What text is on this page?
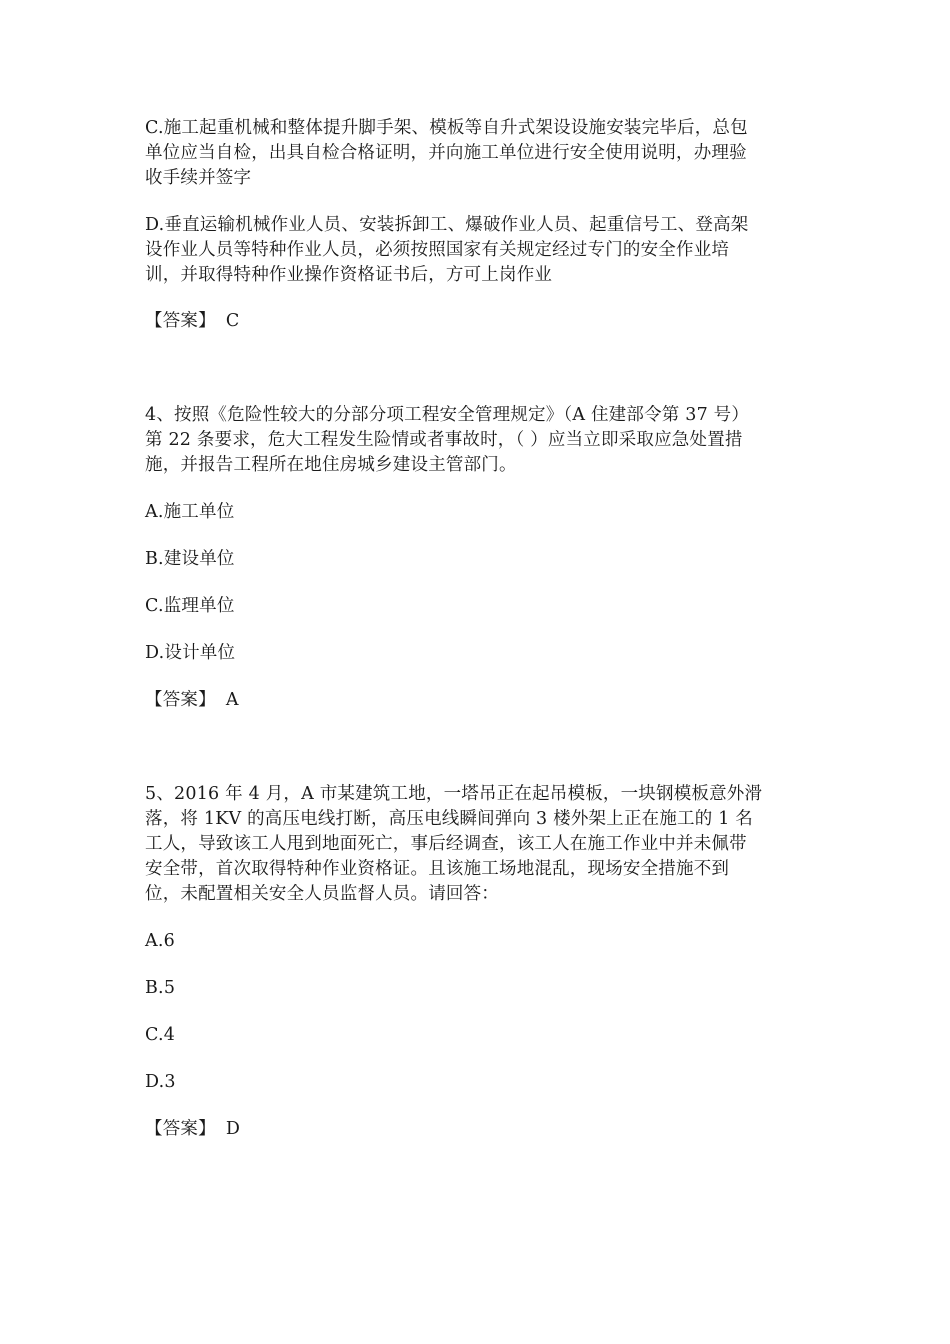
C.施工起重机械和整体提升脚手架、模板等自升式架设设施安装完毕后，总包
单位应当自检，出具自检合格证明，并向施工单位进行安全使用说明，办理验
收手续并签字
D.垂直运输机械作业人员、安装拆卸工、爆破作业人员、起重信号工、登高架
设作业人员等特种作业人员，必须按照国家有关规定经过专门的安全作业培
训，并取得特种作业操作资格证书后，方可上岗作业
【答案】 C
4、按照《危险性较大的分部分项工程安全管理规定》（A 住建部令第 37 号）
第 22 条要求，危大工程发生险情或者事故时，（ ）应当立即采取应急处置措
施，并报告工程所在地住房城乡建设主管部门。
A.施工单位
B.建设单位
C.监理单位
D.设计单位
【答案】 A
5、2016 年 4 月，A 市某建筑工地，一塔吊正在起吊模板，一块钢模板意外滑
落，将 1KV 的高压电线打断，高压电线瞬间弹向 3 楼外架上正在施工的 1 名
工人，导致该工人甩到地面死亡，事后经调查，该工人在施工作业中并未佩带
安全带，首次取得特种作业资格证。且该施工场地混乱，现场安全措施不到
位，未配置相关安全人员监督人员。请回答：
A.6
B.5
C.4
D.3
【答案】 D
